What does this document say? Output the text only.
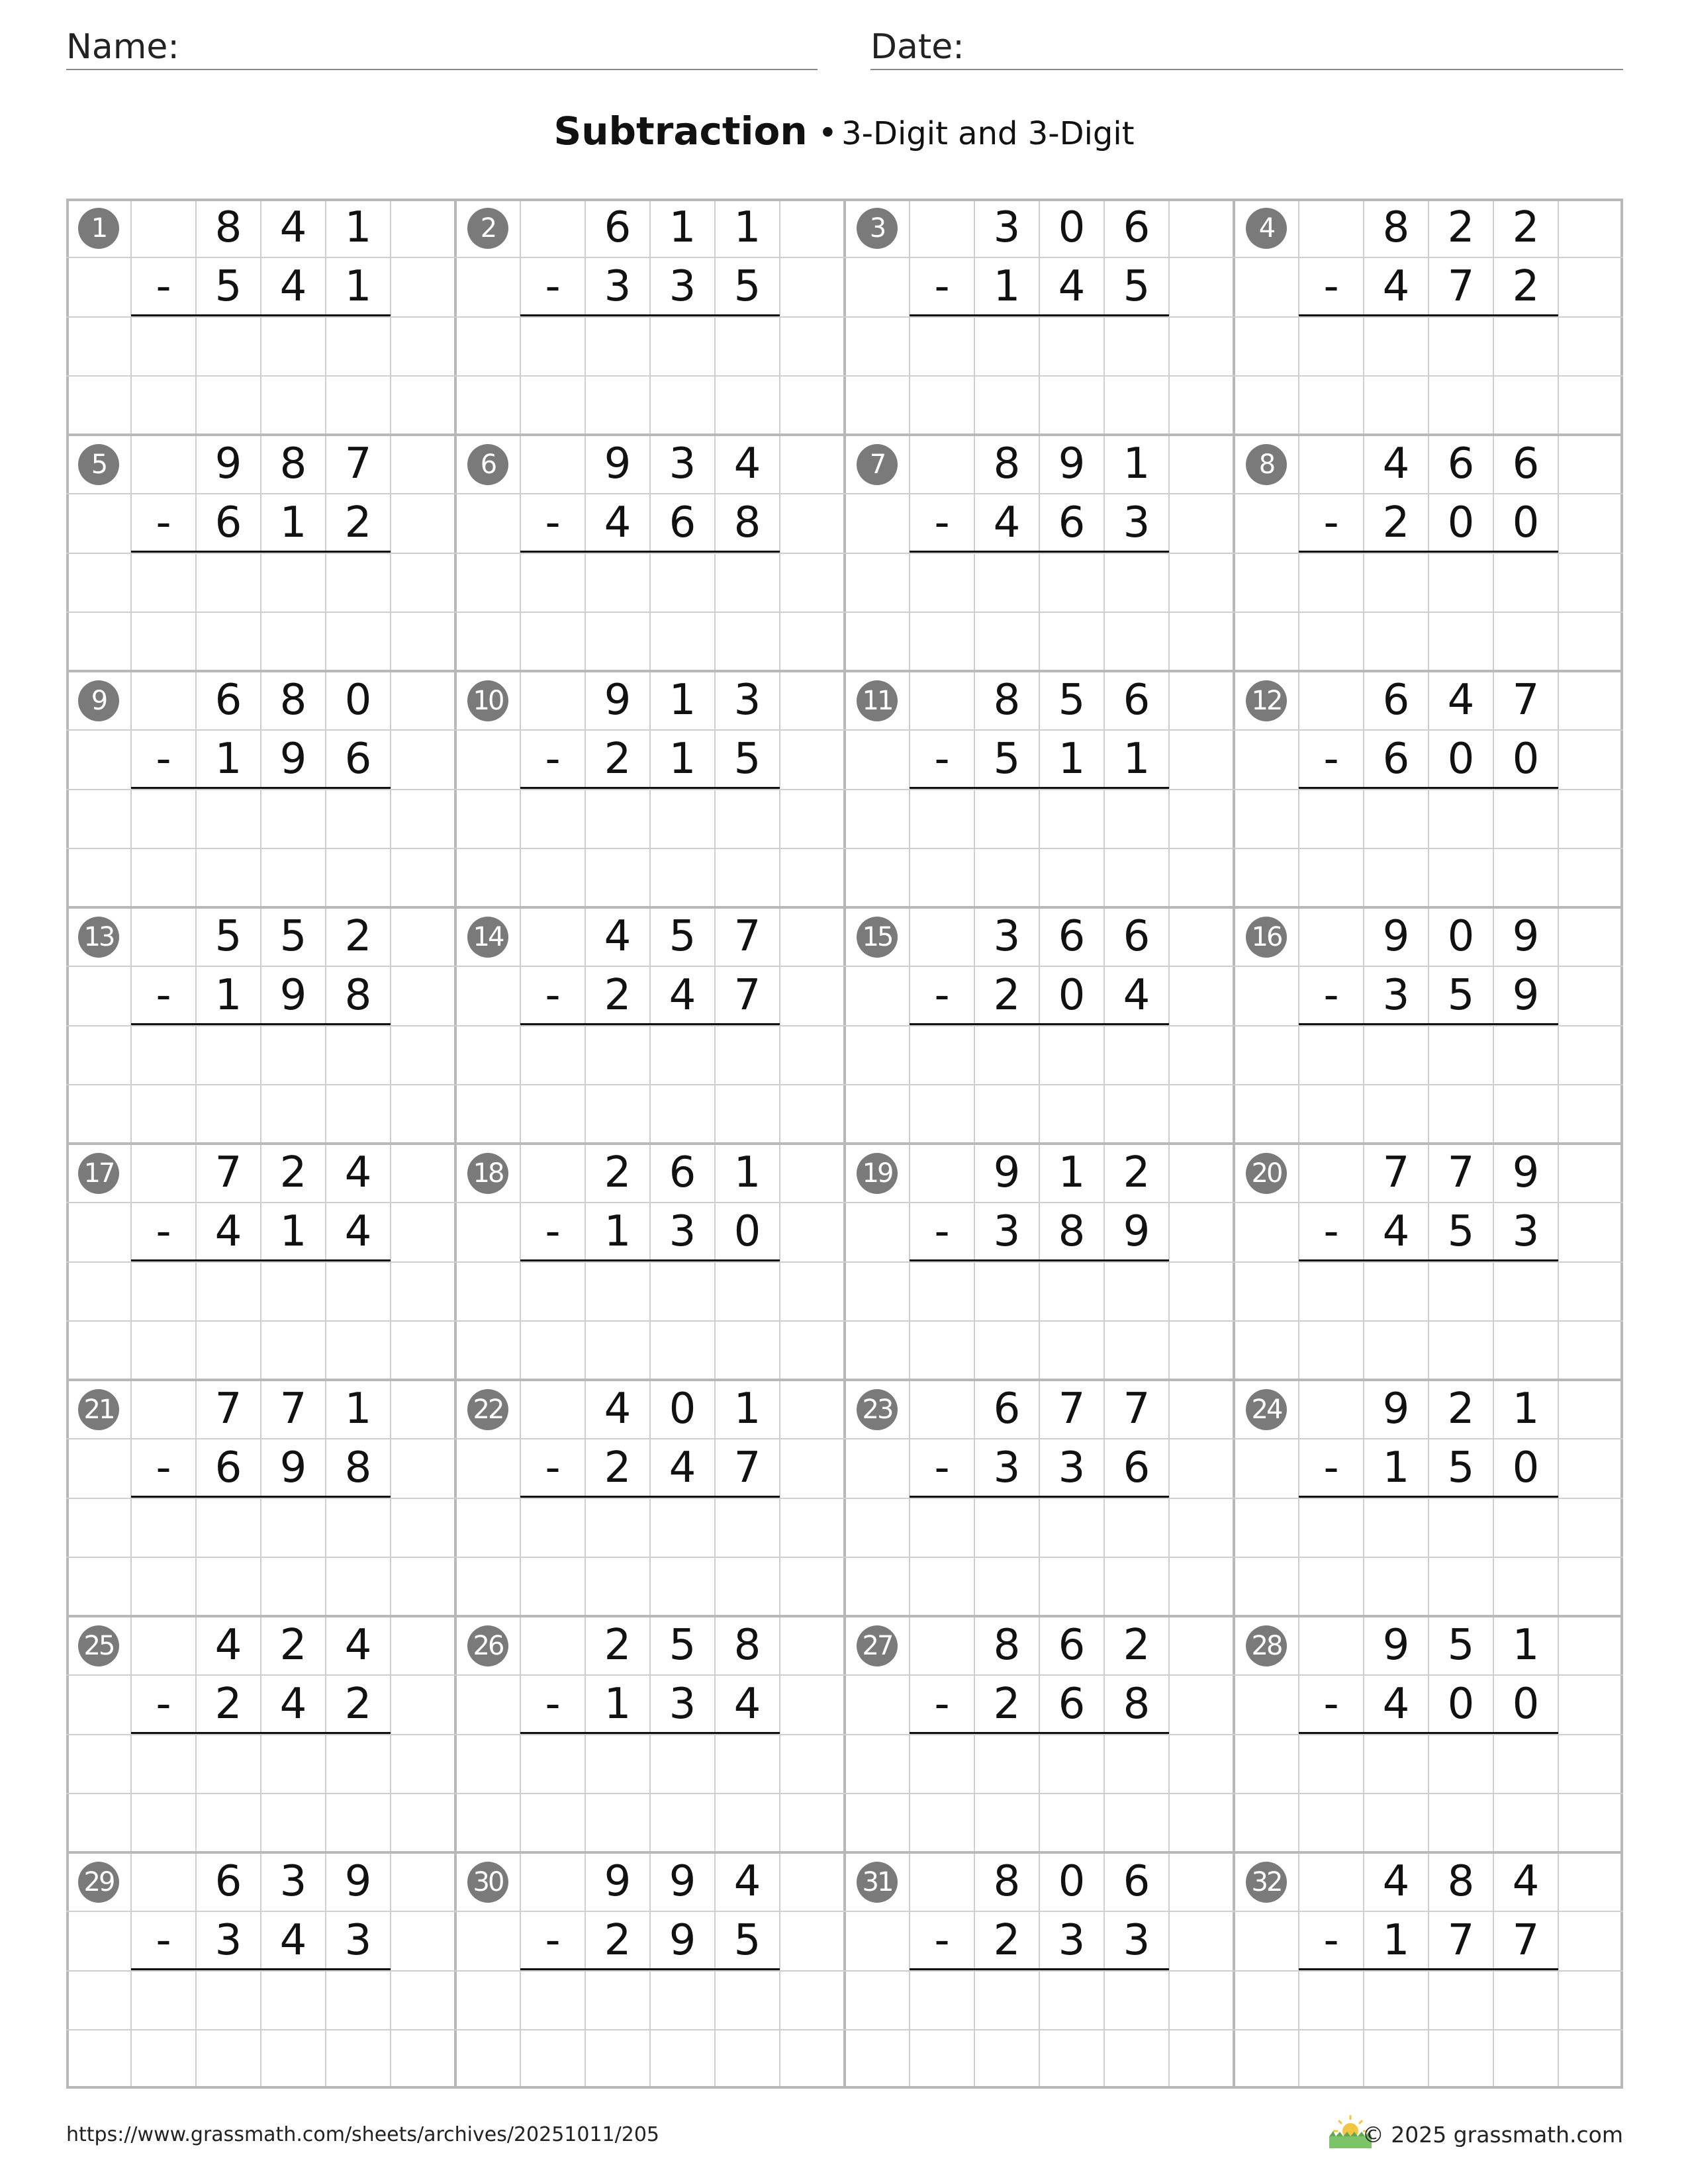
Name:	Date:
Subtraction • 3-Digit and 3-Digit
1	8 4 1
-	5 4 1
2	6 1 1
-	3 3 5
3	3 0 6
-	1 4 5
4	8 2 2
-	4 7 2
5	9 8 7
-	6 1 2
6	9 3 4
-	4 6 8
7	8 9 1
-	4 6 3
8	4 6 6
-	2 0 0
9	6 8 0
-	1 9 6
10	9 1 3
-	2 1 5
11	8 5 6
-	5 1 1
12	6 4 7
-	6 0 0
13	5 5 2
-	1 9 8
14	4 5 7
-	2 4 7
15	3 6 6
-	2 0 4
16	9 0 9
-	3 5 9
17	7 2 4
-	4 1 4
18	2 6 1
-	1 3 0
19	9 1 2
-	3 8 9
20	7 7 9
-	4 5 3
21	7 7 1
-	6 9 8
22	4 0 1
-	2 4 7
23	6 7 7
-	3 3 6
24	9 2 1
-	1 5 0
25	4 2 4
-	2 4 2
26	2 5 8
-	1 3 4
27	8 6 2
-	2 6 8
28	9 5 1
-	4 0 0
29	6 3 9
-	3 4 3
30	9 9 4
-	2 9 5
31	8 0 6
-	2 3 3
32	4 8 4
-	1 7 7
https://www.grassmath.com/sheets/archives/20251011/205	© 2025 grassmath.com
